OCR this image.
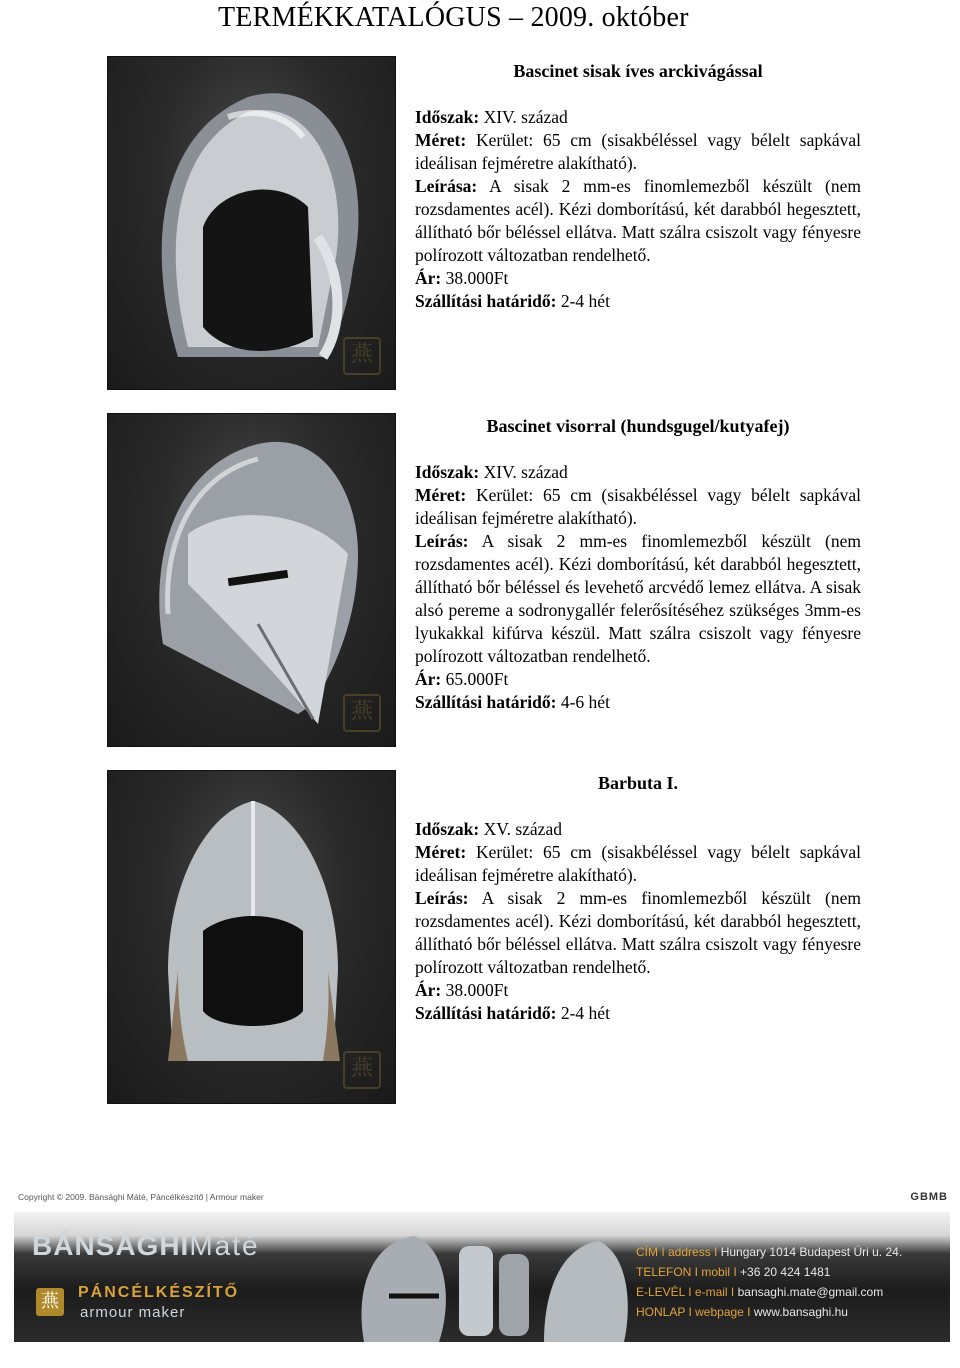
TERMÉKKATALÓGUS – 2009. október
燕
Bascinet sisak íves arckivágással
Időszak: XIV. század
Méret: Kerület: 65 cm (sisakbéléssel vagy bélelt sapkával ideálisan fejméretre alakítható).
Leírása: A sisak 2 mm-es finomlemezből készült (nem rozsdamentes acél). Kézi domborítású, két darabból hegesztett, állítható bőr béléssel ellátva. Matt szálra csiszolt vagy fényesre polírozott változatban rendelhető.
Ár: 38.000Ft
Szállítási határidő: 2-4 hét
燕
Bascinet visorral (hundsgugel/kutyafej)
Időszak: XIV. század
Méret: Kerület: 65 cm (sisakbéléssel vagy bélelt sapkával ideálisan fejméretre alakítható).
Leírás: A sisak 2 mm-es finomlemezből készült (nem rozsdamentes acél). Kézi domborítású, két darabból hegesztett, állítható bőr béléssel és levehető arcvédő lemez ellátva. A sisak alsó pereme a sodronygallér felerősítéséhez szükséges 3mm-es lyukakkal kifúrva készül. Matt szálra csiszolt vagy fényesre polírozott változatban rendelhető.
Ár: 65.000Ft
Szállítási határidő: 4-6 hét
燕
Barbuta I.
Időszak: XV. század
Méret: Kerület: 65 cm (sisakbéléssel vagy bélelt sapkával ideálisan fejméretre alakítható).
Leírás: A sisak 2 mm-es finomlemezből készült (nem rozsdamentes acél). Kézi domborítású, két darabból hegesztett, állítható bőr béléssel ellátva. Matt szálra csiszolt vagy fényesre polírozott változatban rendelhető.
Ár: 38.000Ft
Szállítási határidő: 2-4 hét
Copyright © 2009. Bánsághi Máté, Páncélkészítő | Armour maker	GBMB
BÁNSÁGHIMáté
燕	PÁNCÉLKÉSZÍTŐ
armour maker
CÍM I address I Hungary 1014 Budapest Úri u. 24.
TELEFON I mobil I +36 20 424 1481
E-LEVÉL I e-mail I bansaghi.mate@gmail.com
HONLAP I webpage I www.bansaghi.hu
